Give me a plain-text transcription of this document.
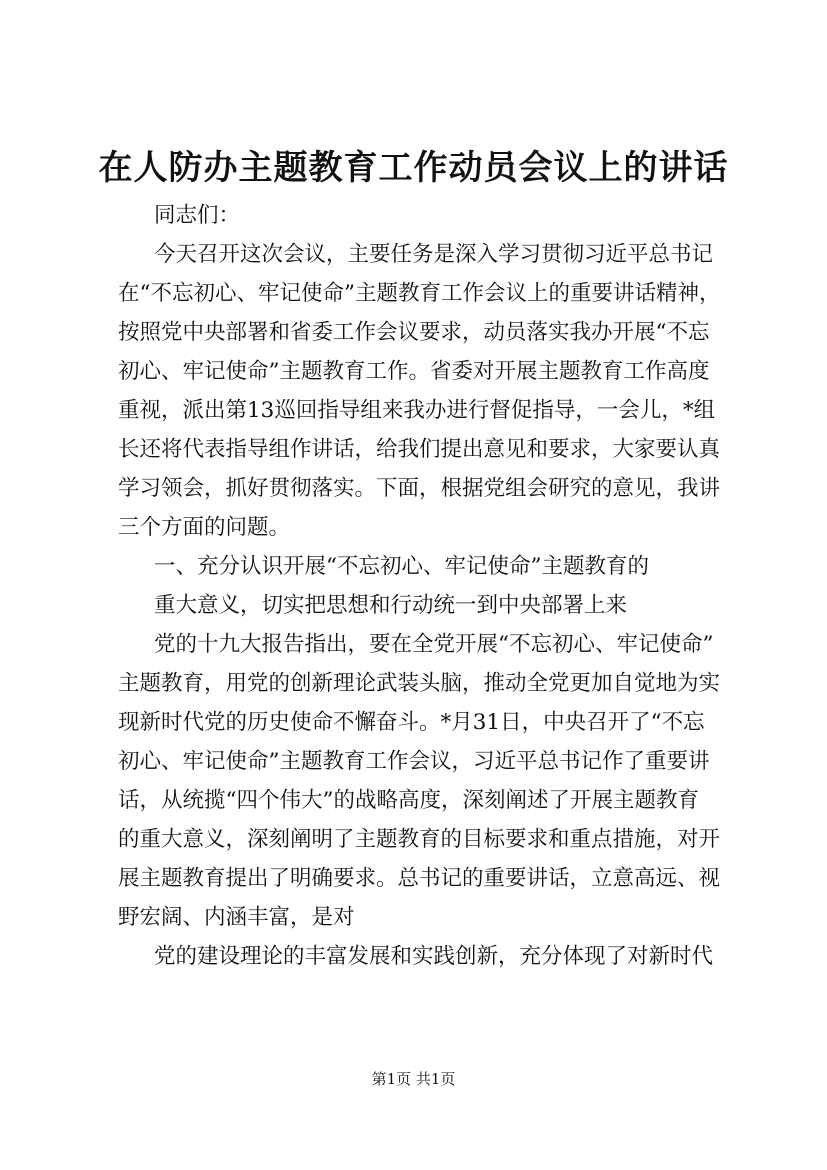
在人防办主题教育工作动员会议上的讲话
同志们：
今天召开这次会议，主要任务是深入学习贯彻习近平总书记
在“不忘初心、牢记使命”主题教育工作会议上的重要讲话精神，
按照党中央部署和省委工作会议要求，动员落实我办开展“不忘
初心、牢记使命”主题教育工作。省委对开展主题教育工作高度
重视，派出第13巡回指导组来我办进行督促指导，一会儿，*组
长还将代表指导组作讲话，给我们提出意见和要求，大家要认真
学习领会，抓好贯彻落实。下面，根据党组会研究的意见，我讲
三个方面的问题。
一、充分认识开展“不忘初心、牢记使命”主题教育的
重大意义，切实把思想和行动统一到中央部署上来
党的十九大报告指出，要在全党开展“不忘初心、牢记使命”
主题教育，用党的创新理论武装头脑，推动全党更加自觉地为实
现新时代党的历史使命不懈奋斗。*月31日，中央召开了“不忘
初心、牢记使命”主题教育工作会议，习近平总书记作了重要讲
话，从统揽“四个伟大”的战略高度，深刻阐述了开展主题教育
的重大意义，深刻阐明了主题教育的目标要求和重点措施，对开
展主题教育提出了明确要求。总书记的重要讲话，立意高远、视
野宏阔、内涵丰富，是对
党的建设理论的丰富发展和实践创新，充分体现了对新时代
第1页 共1页
